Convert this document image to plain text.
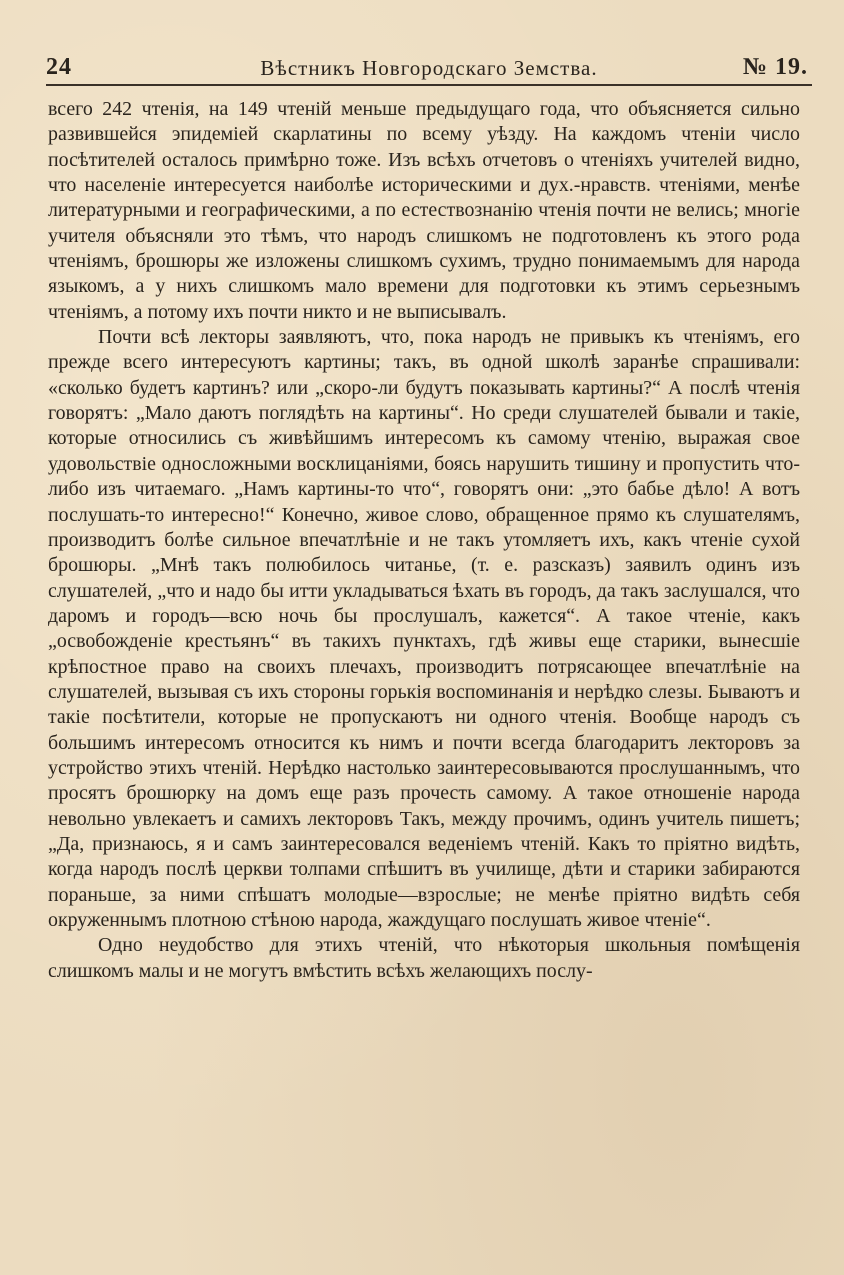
24	Вѣстникъ Новгородскаго Земства.	№ 19.

всего 242 чтенія, на 149 чтеній меньше предыдущаго года, что объясняется сильно развившейся эпидеміей скарлатины по всему уѣзду. На каждомъ чтеніи число посѣтителей осталось примѣрно тоже. Изъ всѣхъ отчетовъ о чтеніяхъ учителей видно, что населеніе интересуется наиболѣе историческими и дух.-нравств. чтеніями, менѣе литературными и географическими, а по естествознанію чтенія почти не велись; многіе учителя объясняли это тѣмъ, что народъ слишкомъ не подготовленъ къ этого рода чтеніямъ, брошюры же изложены слишкомъ сухимъ, трудно понимаемымъ для народа языкомъ, а у нихъ слишкомъ мало времени для подготовки къ этимъ серьезнымъ чтеніямъ, а потому ихъ почти никто и не выписывалъ.

Почти всѣ лекторы заявляютъ, что, пока народъ не привыкъ къ чтеніямъ, его прежде всего интересуютъ картины; такъ, въ одной школѣ заранѣе спрашивали: «сколько будетъ картинъ? или „скоро-ли будутъ показывать картины?“ А послѣ чтенія говорятъ: „Мало даютъ поглядѣть на картины“. Но среди слушателей бывали и такіе, которые относились съ живѣйшимъ интересомъ къ самому чтенію, выражая свое удовольствіе односложными восклицаніями, боясь нарушить тишину и пропустить что-либо изъ читаемаго. „Намъ картины-то что“, говорятъ они: „это бабье дѣло! А вотъ послушать-то интересно!“ Конечно, живое слово, обращенное прямо къ слушателямъ, производитъ болѣе сильное впечатлѣніе и не такъ утомляетъ ихъ, какъ чтеніе сухой брошюры. „Мнѣ такъ полюбилось читанье, (т. е. разсказъ) заявилъ одинъ изъ слушателей, „что и надо бы итти укладываться ѣхать въ городъ, да такъ заслушался, что даромъ и городъ—всю ночь бы прослушалъ, кажется“. А такое чтеніе, какъ „освобожденіе крестьянъ“ въ такихъ пунктахъ, гдѣ живы еще старики, вынесшіе крѣпостное право на своихъ плечахъ, производитъ потрясающее впечатлѣніе на слушателей, вызывая съ ихъ стороны горькія воспоминанія и нерѣдко слезы. Бываютъ и такіе посѣтители, которые не пропускаютъ ни одного чтенія. Вообще народъ съ большимъ интересомъ относится къ нимъ и почти всегда благодаритъ лекторовъ за устройство этихъ чтеній. Нерѣдко настолько заинтересовываются прослушаннымъ, что просятъ брошюрку на домъ еще разъ прочесть самому. А такое отношеніе народа невольно увлекаетъ и самихъ лекторовъ Такъ, между прочимъ, одинъ учитель пишетъ; „Да, признаюсь, я и самъ заинтересовался веденіемъ чтеній. Какъ то пріятно видѣть, когда народъ послѣ церкви толпами спѣшитъ въ училище, дѣти и старики забираются пораньше, за ними спѣшатъ молодые—взрослые; не менѣе пріятно видѣть себя окруженнымъ плотною стѣною народа, жаждущаго послушать живое чтеніе“.

Одно неудобство для этихъ чтеній, что нѣкоторыя школьныя помѣщенія слишкомъ малы и не могутъ вмѣстить всѣхъ желающихъ послу-
